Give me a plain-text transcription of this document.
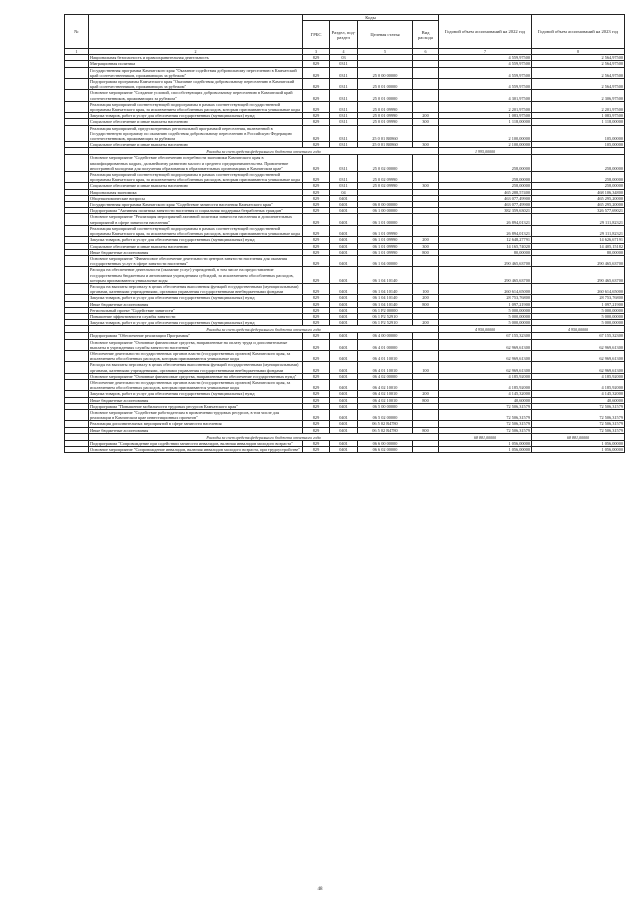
№		Коды				Годовой объем ассигнований на 2022 год	Годовой объем ассигнований на 2023 год
		ГРБС	Раздел, под- раздел	Целевая статья	Вид расхода		
1	2	3	4	5	6	7	8
	Национальная безопасность и правоохранительная деятельность	829	03			4 559,97500	2 564,97500
	Миграционная политика	829	0311			4 559,97500	2 564,97500
	Государственная программа Камчатского края "Оказание содействия добровольному переселению в Камчатский край соотечественников, проживающих за рубежом"	829	0311	25 0 00 00000		4 559,97500	2 564,97500
	Подпрограмма программы Камчатского края "Оказание содействия добровольному переселению в Камчатский край соотечественников, проживающих за рубежом"	829	0311	25 0 01 00000		4 559,97500	2 564,97500
	Основное мероприятие "Создание условий, способствующих добровольному переселению в Камчатский край соотечественников, проживающих за рубежом"	829	0311	25 0 01 00000		4 301,97500	2 306,97500
	Реализация мероприятий соответствующей подпрограммы в рамках соответствующей государственной программы Камчатского края, за исключением обособленных расходов, которым присваиваются уникальные коды	829	0311	25 0 01 09990		2 201,97500	2 201,97500
	Закупка товаров, работ и услуг для обеспечения государственных (муниципальных) нужд	829	0311	25 0 01 09990	200	1 083,97500	1 083,97500
	Социальное обеспечение и иные выплаты населению	829	0311	25 0 01 09990	300	1 118,00000	1 118,00000
	Реализация мероприятий, предусмотренных региональной программой переселения, включенной в Государственную программу по оказанию содействия добровольному переселению в Российскую Федерацию соотечественников, проживающих за рубежом	829	0311	25 0 01 R0860		2 100,00000	105,00000
	Социальное обеспечение и иные выплаты населению	829	0311	25 0 01 R0860	300	2 100,00000	105,00000
	Расходы за счет средств федерального бюджета отчетного года					1 995,00000	
	Основное мероприятие "Содействие обеспечению потребности экономики Камчатского края в квалифицированных кадрах, дальнейшему развитию малого и среднего предпринимательства. Привлечение иностранной молодежи для получения образования в образовательных организациях в Камчатском крае"	829	0311	25 0 02 00000		258,00000	258,00000
	Реализация мероприятий соответствующей подпрограммы в рамках соответствующей государственной программы Камчатского края, за исключением обособленных расходов, которым присваиваются уникальные коды	829	0311	25 0 02 09990		258,00000	258,00000
	Социальное обеспечение и иные выплаты населению	829	0311	25 0 02 09990	300	258,00000	258,00000
	Национальная экономика	829	04			465 288,57400	468 106,34800
	Общеэкономические вопросы	829	0401			463 077,49900	465 295,20000
	Государственная программа Камчатского края "Содействие занятости населения Камчатского края"	829	0401	06 0 00 00000		463 077,49900	465 295,20000
	Подпрограмма "Активная политика занятости населения и социальная поддержка безработных граждан"	829	0401	06 1 00 00000		382 359,63021	326 577,69021
	Основное мероприятие "Реализация мероприятий активной политики занятости населения и дополнительных мероприятий в сфере занятости населения"	829	0401	06 1 01 00000		26 894,01321	29 111,82321
	Реализация мероприятий соответствующей подпрограммы в рамках соответствующей государственной программы Камчатского края, за исключением обособленных расходов, которым присваиваются уникальные коды	829	0401	06 1 01 09990		26 894,01321	29 111,82321
	Закупка товаров, работ и услуг для обеспечения государственных (муниципальных) нужд	829	0401	06 1 01 09990	200	12 648,27791	14 626,67191
	Социальное обеспечение и иные выплаты населению	829	0401	06 1 01 09990	300	14 165,74020	14 405,15182
	Иные бюджетные ассигнования	829	0401	06 1 01 09990	800	80,00000	80,00000
	Основное мероприятие "Финансовое обеспечение деятельности центров занятости населения для оказания государственных услуг в сфере занятости населения"	829	0401	06 1 04 00000		290 465,63700	290 465,63700
	Расходы на обеспечение деятельности (оказание услуг) учреждений, в том числе на предоставление государственным бюджетным и автономным учреждениям субсидий, за исключением обособленных расходов, которым присваиваются уникальные коды	829	0401	06 1 04 10140		290 465,63700	290 465,63700
	Расходы на выплаты персоналу в целях обеспечения выполнения функций государственными (муниципальными) органами, казенными учреждениями, органами управления государственными внебюджетными фондами	829	0401	06 1 04 10140	100	260 614,65000	260 614,65000
	Закупка товаров, работ и услуг для обеспечения государственных (муниципальных) нужд	829	0401	06 1 04 10140	200	28 753,76800	28 753,76800
	Иные бюджетные ассигнования	829	0401	06 1 04 10140	800	1 097,21900	1 097,21900
	Региональный проект "Содействие занятости"	829	0401	06 1 P2 00000		5 000,00000	5 000,00000
	Повышение эффективности службы занятости	829	0401	06 1 P2 52910		5 000,00000	5 000,00000
	Закупка товаров, работ и услуг для обеспечения государственных (муниципальных) нужд	829	0401	06 1 P2 52910	200	5 000,00000	5 000,00000
	Расходы за счет средств федерального бюджета отчетного года					4 950,00000	4 950,00000
	Подпрограмма "Обеспечение реализации Программы"	829	0401	06 4 00 00000		67 155,32300	67 155,32300
	Основное мероприятие "Основные финансовые средства, направленные на оплату труда и дополнительные выплаты в учреждениях службы занятости населения"	829	0401	06 4 01 00000		62 969,61300	62 969,61300
	Обеспечение деятельности государственных органов власти (государственных органов) Камчатского края, за исключением обособленных расходов, которым присваиваются уникальные коды	829	0401	06 4 01 10010		62 969,61300	62 969,61300
	Расходы на выплаты персоналу в целях обеспечения выполнения функций государственными (муниципальными) органами, казенными учреждениями, органами управления государственными внебюджетными фондами	829	0401	06 4 01 10010	100	62 969,61300	62 969,61300
	Основное мероприятие "Основные финансовые средства, направленные на обеспечение государственных нужд"	829	0401	06 4 02 00000		4 185,92000	4 185,92000
	Обеспечение деятельности государственных органов власти (государственных органов) Камчатского края, за исключением обособленных расходов, которым присваиваются уникальные коды	829	0401	06 4 02 10010		4 185,92000	4 185,92000
	Закупка товаров, работ и услуг для обеспечения государственных (муниципальных) нужд	829	0401	06 4 02 10010	200	4 145,32000	4 145,32000
	Иные бюджетные ассигнования	829	0401	06 4 02 10010	800	40,60000	40,60000
	Подпрограмма "Повышение мобильности трудовых ресурсов Камчатского края"	829	0401	06 5 00 00000		72 506,31579	72 506,31579
	Основное мероприятие "Содействие работодателям в привлечении трудовых ресурсов, в том числе для реализации в Камчатском крае инвестиционных проектов"	829	0401	06 5 02 00000		72 506,31579	72 506,31579
	Реализация дополнительных мероприятий в сфере занятости населения	829	0401	06 5 02 R4780		72 506,31579	72 506,31579
	Иные бюджетные ассигнования	829	0401	06 5 02 R4780	800	72 506,31579	72 506,31579
	Расходы за счет средств федерального бюджета отчетного года					68 881,00000	68 881,00000
	Подпрограмма "Сопровождение при содействии занятости инвалидов, включая инвалидов молодого возраста"	829	0401	06 6 00 00000		1 056,00000	1 056,00000
	Основное мероприятие "Сопровождение инвалидов, включая инвалидов молодого возраста, при трудоустройстве"	829	0401	06 6 02 00000		1 056,00000	1 056,00000
48
